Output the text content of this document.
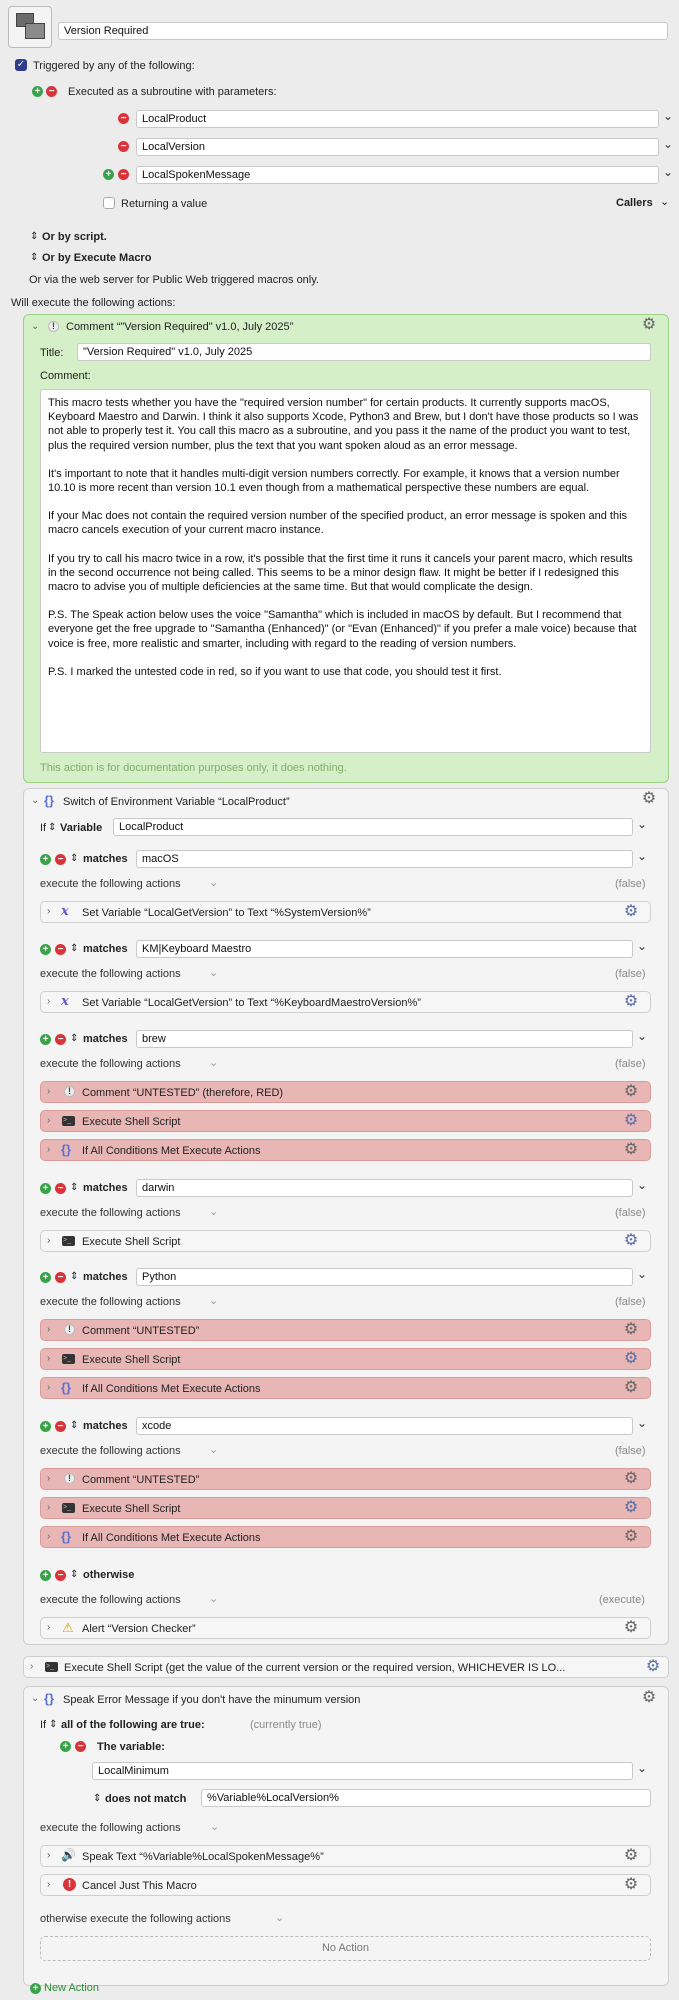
Version Required
✓ Triggered by any of the following:
+ − Executed as a subroutine with parameters:
−	LocalProduct	⌄
−	LocalVersion	⌄
+ −	LocalSpokenMessage	⌄
Returning a value	Callers ⌄
⇕ Or by script.
⇕ Or by Execute Macro
Or via the web server for Public Web triggered macros only.
Will execute the following actions:
⌄	!	Comment “"Version Required" v1.0, July 2025”	⚙
Title:	"Version Required" v1.0, July 2025
Comment:

This macro tests whether you have the "required version number" for certain products. It currently supports macOS, Keyboard Maestro and Darwin. I think it also supports Xcode, Python3 and Brew, but I don't have those products so I was not able to properly test it. You call this macro as a subroutine, and you pass it the name of the product you want to test, plus the required version number, plus the text that you want spoken aloud as an error message.

It's important to note that it handles multi-digit version numbers correctly. For example, it knows that a version number 10.10 is more recent than version 10.1 even though from a mathematical perspective these numbers are equal.

If your Mac does not contain the required version number of the specified product, an error message is spoken and this macro cancels execution of your current macro instance.

If you try to call his macro twice in a row, it's possible that the first time it runs it cancels your parent macro, which results in the second occurrence not being called. This seems to be a minor design flaw. It might be better if I redesigned this macro to advise you of multiple deficiencies at the same time. But that would complicate the design.

P.S. The Speak action below uses the voice "Samantha" which is included in macOS by default. But I recommend that everyone get the free upgrade to "Samantha (Enhanced)" (or "Evan (Enhanced)" if you prefer a male voice) because that voice is free, more realistic and smarter, including with regard to the reading of version numbers.

P.S. I marked the untested code in red, so if you want to use that code, you should test it first.

This action is for documentation purposes only, it does nothing.
⌄ {} Switch of Environment Variable “LocalProduct”	⚙
If ⇕ Variable	LocalProduct	⌄
+ − ⇕ matches	macOS	⌄
execute the following actions	⌄	(false)
› x Set Variable “LocalGetVersion” to Text “%SystemVersion%”	⚙
+ − ⇕ matches	KM|Keyboard Maestro	⌄
execute the following actions	⌄	(false)
› x Set Variable “LocalGetVersion” to Text “%KeyboardMaestroVersion%”	⚙
+ − ⇕ matches	brew	⌄
execute the following actions	⌄	(false)
›	!	Comment “UNTESTED” (therefore, RED)	⚙
› >_	Execute Shell Script	⚙
› {} If All Conditions Met Execute Actions	⚙
+ − ⇕ matches	darwin	⌄
execute the following actions	⌄	(false)
› >_	Execute Shell Script	⚙
+ − ⇕ matches	Python	⌄
execute the following actions	⌄	(false)
›	!	Comment “UNTESTED”	⚙
› >_	Execute Shell Script	⚙
› {} If All Conditions Met Execute Actions	⚙
+ − ⇕ matches	xcode	⌄
execute the following actions	⌄	(false)
›	!	Comment “UNTESTED”	⚙
› >_	Execute Shell Script	⚙
› {} If All Conditions Met Execute Actions	⚙
+ − ⇕ otherwise
execute the following actions	⌄	(execute)
› ⚠ Alert “Version Checker”	⚙
› >_ Execute Shell Script (get the value of the current version or the required version, WHICHEVER IS LO...	⚙
⌄ {} Speak Error Message if you don't have the minumum version	⚙
If ⇕ all of the following are true:	(currently true)
+ − The variable:
LocalMinimum	⌄
⇕ does not match	%Variable%LocalVersion%
execute the following actions	⌄
› 🔊 Speak Text “%Variable%LocalSpokenMessage%”	⚙
›	! Cancel Just This Macro	⚙
otherwise execute the following actions	⌄
No Action
+ New Action
